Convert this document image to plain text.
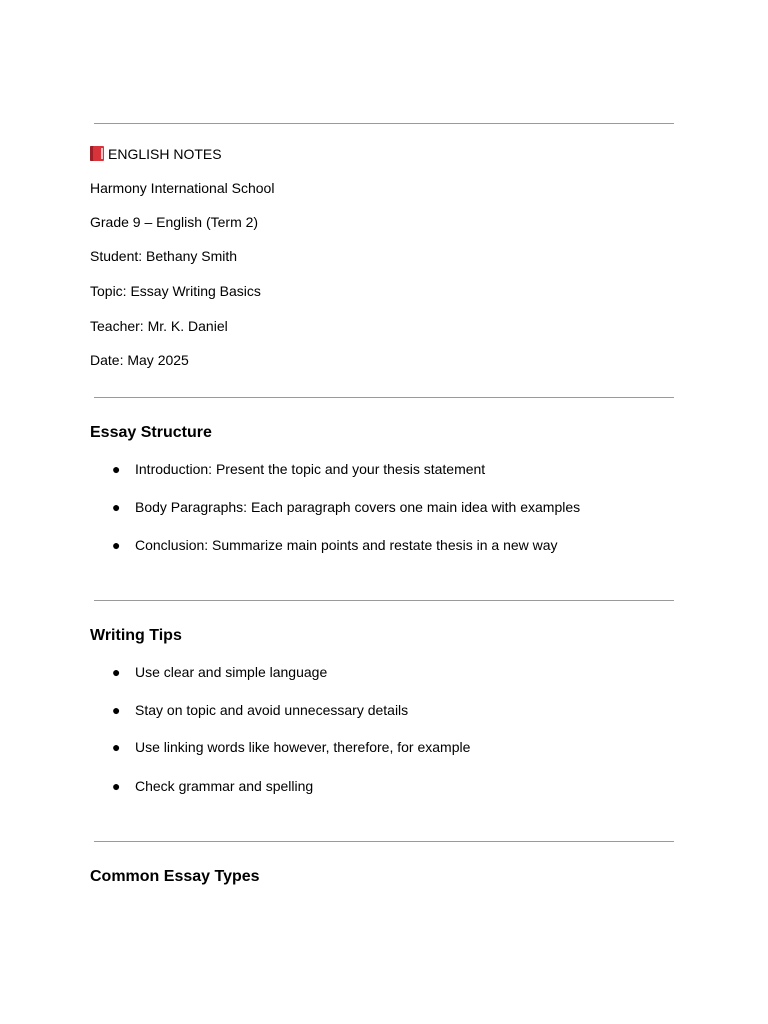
ENGLISH NOTES
Harmony International School
Grade 9 – English (Term 2)
Student: Bethany Smith
Topic: Essay Writing Basics
Teacher: Mr. K. Daniel
Date: May 2025
Essay Structure
● Introduction: Present the topic and your thesis statement
● Body Paragraphs: Each paragraph covers one main idea with examples
● Conclusion: Summarize main points and restate thesis in a new way
Writing Tips
● Use clear and simple language
● Stay on topic and avoid unnecessary details
● Use linking words like however, therefore, for example
● Check grammar and spelling
Common Essay Types
